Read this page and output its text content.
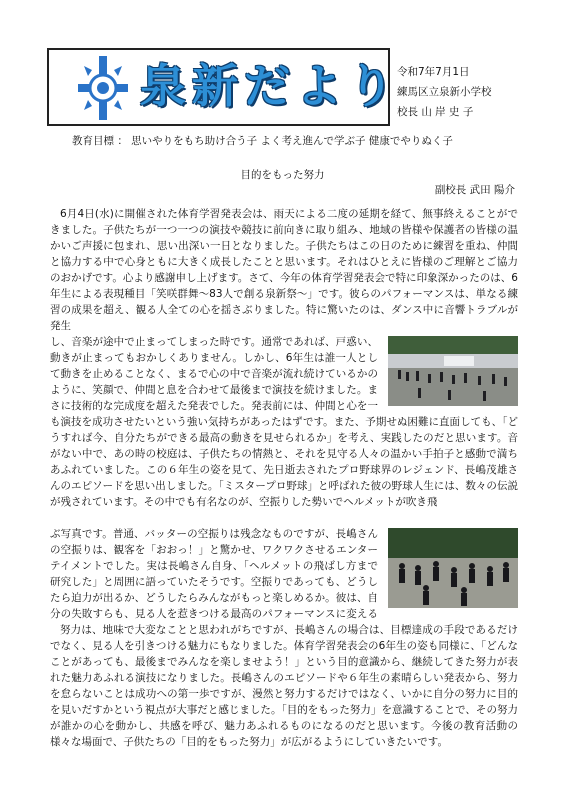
泉新だより
令和7年7月1日
練馬区立泉新小学校
校長 山 岸 史 子
教育目標 ： 思いやりをもち助け合う子 よく考え進んで学ぶ子 健康でやりぬく子
目的をもった努力
副校長 武田 陽介
6月4日(水)に開催された体育学習発表会は、雨天による二度の延期を経て、無事終えることができました。子供たちが一つ一つの演技や競技に前向きに取り組み、地域の皆様や保護者の皆様の温かいご声援に包まれ、思い出深い一日となりました。子供たちはこの日のために練習を重ね、仲間と協力する中で心身ともに大きく成長したことと思います。それはひとえに皆様のご理解とご協力のおかげです。心より感謝申し上げます。さて、今年の体育学習発表会で特に印象深かったのは、6年生による表現種目「笑咲群舞～83人で創る泉新祭～」です。彼らのパフォーマンスは、単なる練習の成果を超え、観る人全ての心を揺さぶりました。特に驚いたのは、ダンス中に音響トラブルが発生
し、音楽が途中で止まってしまった時です。通常であれば、戸惑い、動きが止まってもおかしくありません。しかし、6年生は誰一人として動きを止めることなく、まるで心の中で音楽が流れ続けているかのように、笑顔で、仲間と息を合わせて最後まで演技を続けました。まさに技術的な完成度を超えた発表でした。発表前には、仲間と心を一
も演技を成功させたいという強い気持ちがあったはずです。また、予期せぬ困難に直面しても、「どうすれば今、自分たちができる最高の動きを見せられるか」を考え、実践したのだと思います。音がない中で、あの時の校庭は、子供たちの情熱と、それを見守る人々の温かい手拍子と感動で満ちあふれていました。この６年生の姿を見て、先日逝去されたプロ野球界のレジェンド、長嶋茂雄さんのエピソードを思い出しました。「ミスタープロ野球」と呼ばれた彼の野球人生には、数々の伝説が残されています。その中でも有名なのが、空振りした勢いでヘルメットが吹き飛
ぶ写真です。普通、バッターの空振りは残念なものですが、長嶋さんの空振りは、観客を「おおっ！」と驚かせ、ワクワクさせるエンターテイメントでした。実は長嶋さん自身、「ヘルメットの飛ばし方まで研究した」と周囲に語っていたそうです。空振りであっても、どうしたら迫力が出るか、どうしたらみんながもっと楽しめるか。彼は、自分の失敗すらも、見る人を惹きつける最高のパフォーマンスに変える
努力は、地味で大変なことと思われがちですが、長嶋さんの場合は、目標達成の手段であるだけでなく、見る人を引きつける魅力にもなりました。体育学習発表会の6年生の姿も同様に、「どんなことがあっても、最後までみんなを楽しませよう！」という目的意識から、継続してきた努力が表れた魅力あふれる演技になりました。長嶋さんのエピソードや６年生の素晴らしい発表から、努力を怠らないことは成功への第一歩ですが、漫然と努力するだけではなく、いかに自分の努力に目的を見いだすかという視点が大事だと感じました。「目的をもった努力」を意識することで、その努力が誰かの心を動かし、共感を呼び、魅力あふれるものになるのだと思います。今後の教育活動の様々な場面で、子供たちの「目的をもった努力」が広がるようにしていきたいです。
